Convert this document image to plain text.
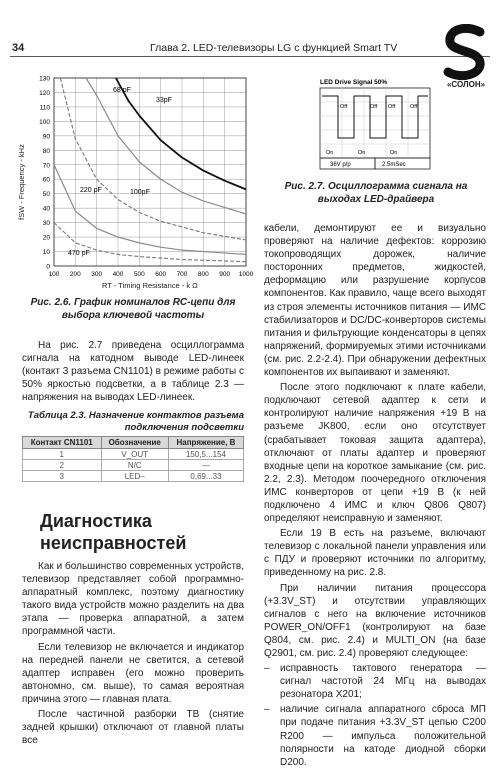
34	Глава 2. LED-телевизоры LG с функцией Smart TV
«СОЛОН»
100 200 300 400 500 600 700 800 900 1000
0
10
20
30
40
50
60
70
80
90
100
110
120
130
fSW - Frequency - kHz
RT - Timing Resistance - k Ω
68 pF
33pF
100pF
220 pF
470 pF
Рис. 2.6. График номиналов RC-цепи для выбора ключевой частоты
LED Drive Signal 50%
Off	Off Off	Off
On	On	On
36V p/p	2.5mSec
Рис. 2.7. Осциллограмма сигнала на выходах LED-драйвера

На рис. 2.7 приведена осциллограмма сигнала на катодном выводе LED-линеек (контакт 3 разъема CN1101) в режиме работы с 50% яркостью подсветки, а в таблице 2.3 — напряжения на выводах LED-линеек.

Таблица 2.3. Назначение контактов разъема
подключения подсветки
Контакт CN1101	Обозначение	Напряжение, В
1	V_OUT	150,5...154
2	N/C	—
3	LED–	0,69...33
Диагностика
неисправностей

Как и большинство современных устройств, телевизор представляет собой программно-аппаратный комплекс, поэтому диагностику такого вида устройств можно разделить на два этапа — проверка аппаратной, а затем программной части.

Если телевизор не включается и индикатор на передней панели не светится, а сетевой адаптер исправен (его можно проверить автономно, см. выше), то самая вероятная причина этого — главная плата.

После частичной разборки ТВ (снятие задней крышки) отключают от главной платы все

кабели, демонтируют ее и визуально проверяют на наличие дефектов: коррозию токопроводящих дорожек, наличие посторонних предметов, жидкостей, деформацию или разрушение корпусов компонентов. Как правило, чаще всего выходят из строя элементы источников питания — ИМС стабилизаторов и DC/DC-конверторов системы питания и фильтрующие конденсаторы в цепях напряжений, формируемых этими источниками (см. рис. 2.2-2.4). При обнаружении дефектных компонентов их выпаивают и заменяют.

После этого подключают к плате кабели, подключают сетевой адаптер к сети и контролируют наличие напряжения +19 В на разъеме JK800, если оно отсутствует (срабатывает токовая защита адаптера), отключают от платы адаптер и проверяют входные цепи на короткое замыкание (см. рис. 2.2, 2.3). Методом поочередного отключения ИМС конверторов от цепи +19 В (к ней подключено 4 ИМС и ключ Q806 Q807) определяют неисправную и заменяют.

Если 19 В есть на разъеме, включают телевизор с локальной панели управления или с ПДУ и проверяют источники по алгоритму, приведенному на рис. 2.8.

При наличии питания процессора (+3.3V_ST) и отсутствии управляющих сигналов с него на включение источников POWER_ON/OFF1 (контролируют на базе Q804, см. рис. 2.4) и MULTI_ON (на базе Q2901, см. рис. 2.4) проверяют следующее:

– исправность тактового генератора — сигнал частотой 24 МГц на выводах резонатора X201;
– наличие сигнала аппаратного сброса МП при подаче питания +3.3V_ST цепью C200 R200 — импульса положительной полярности на катоде диодной сборки D200.
